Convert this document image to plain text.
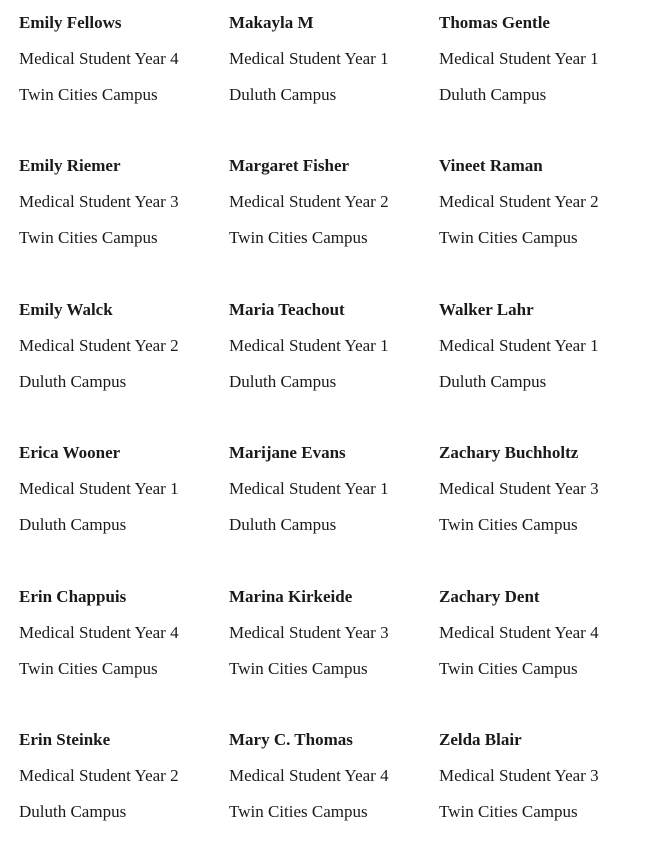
Emily Fellows
Medical Student Year 4
Twin Cities Campus
Makayla M
Medical Student Year 1
Duluth Campus
Thomas Gentle
Medical Student Year 1
Duluth Campus
Emily Riemer
Medical Student Year 3
Twin Cities Campus
Margaret Fisher
Medical Student Year 2
Twin Cities Campus
Vineet Raman
Medical Student Year 2
Twin Cities Campus
Emily Walck
Medical Student Year 2
Duluth Campus
Maria Teachout
Medical Student Year 1
Duluth Campus
Walker Lahr
Medical Student Year 1
Duluth Campus
Erica Wooner
Medical Student Year 1
Duluth Campus
Marijane Evans
Medical Student Year 1
Duluth Campus
Zachary Buchholtz
Medical Student Year 3
Twin Cities Campus
Erin Chappuis
Medical Student Year 4
Twin Cities Campus
Marina Kirkeide
Medical Student Year 3
Twin Cities Campus
Zachary Dent
Medical Student Year 4
Twin Cities Campus
Erin Steinke
Medical Student Year 2
Duluth Campus
Mary C. Thomas
Medical Student Year 4
Twin Cities Campus
Zelda Blair
Medical Student Year 3
Twin Cities Campus
